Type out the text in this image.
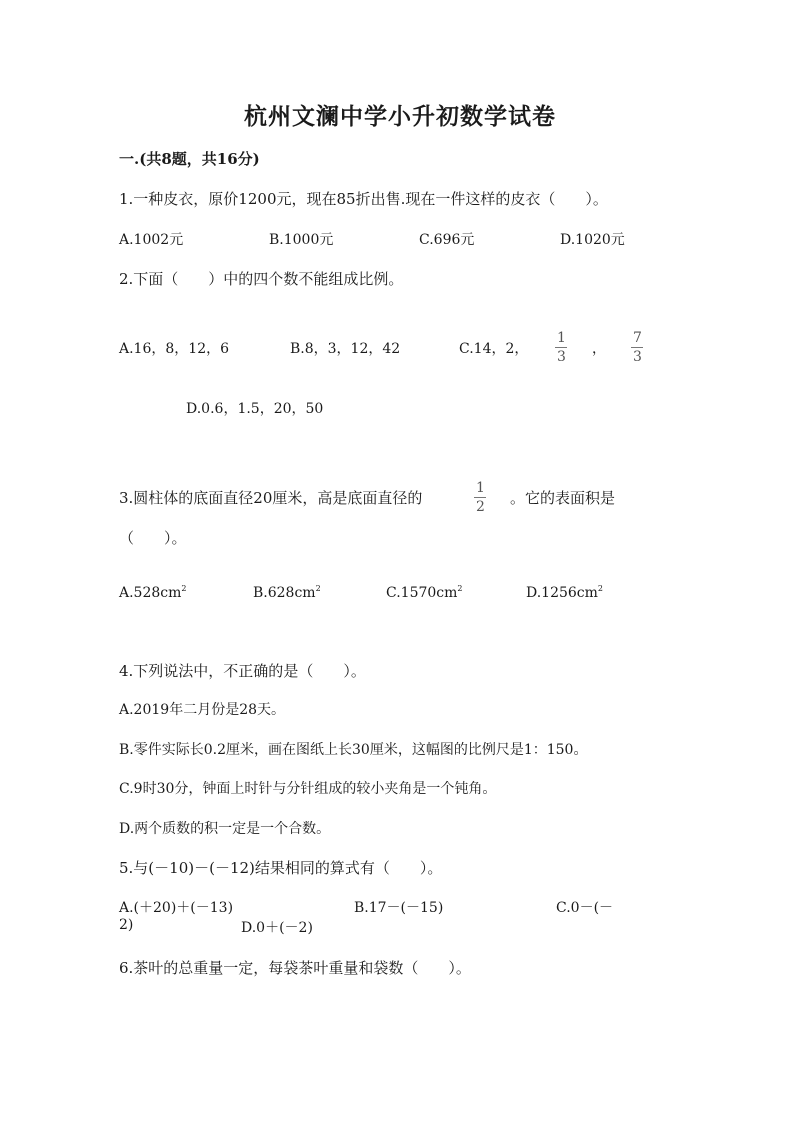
杭州文澜中学小升初数学试卷
一.(共8题，共16分)
1.一种皮衣，原价1200元，现在85折出售.现在一件这样的皮衣（　　）。
A.1002元	B.1000元	C.696元	D.1020元
2.下面（　　）中的四个数不能组成比例。
A.16，8，12，6	B.8，3，12，42	C.14，2，
1
3 ，
7
3
D.0.6，1.5，20，50
3.圆柱体的底面直径20厘米，高是底面直径的
1
2 。它的表面积是
（　　）。
$A.528cm^2$	$B.628cm^2$	$C.1570cm^2$	$D.1256cm^2$
4.下列说法中，不正确的是（　　）。
A.2019年二月份是28天。
B.零件实际长0.2厘米，画在图纸上长30厘米，这幅图的比例尺是1：150。
C.9时30分，钟面上时针与分针组成的较小夹角是一个钝角。
D.两个质数的积一定是一个合数。
5.与(－10)－(－12)结果相同的算式有（　　）。
A.(＋20)＋(－13)	B.17－(－15)	C.0－(－
2)	D.0＋(－2)
6.茶叶的总重量一定，每袋茶叶重量和袋数（　　）。
